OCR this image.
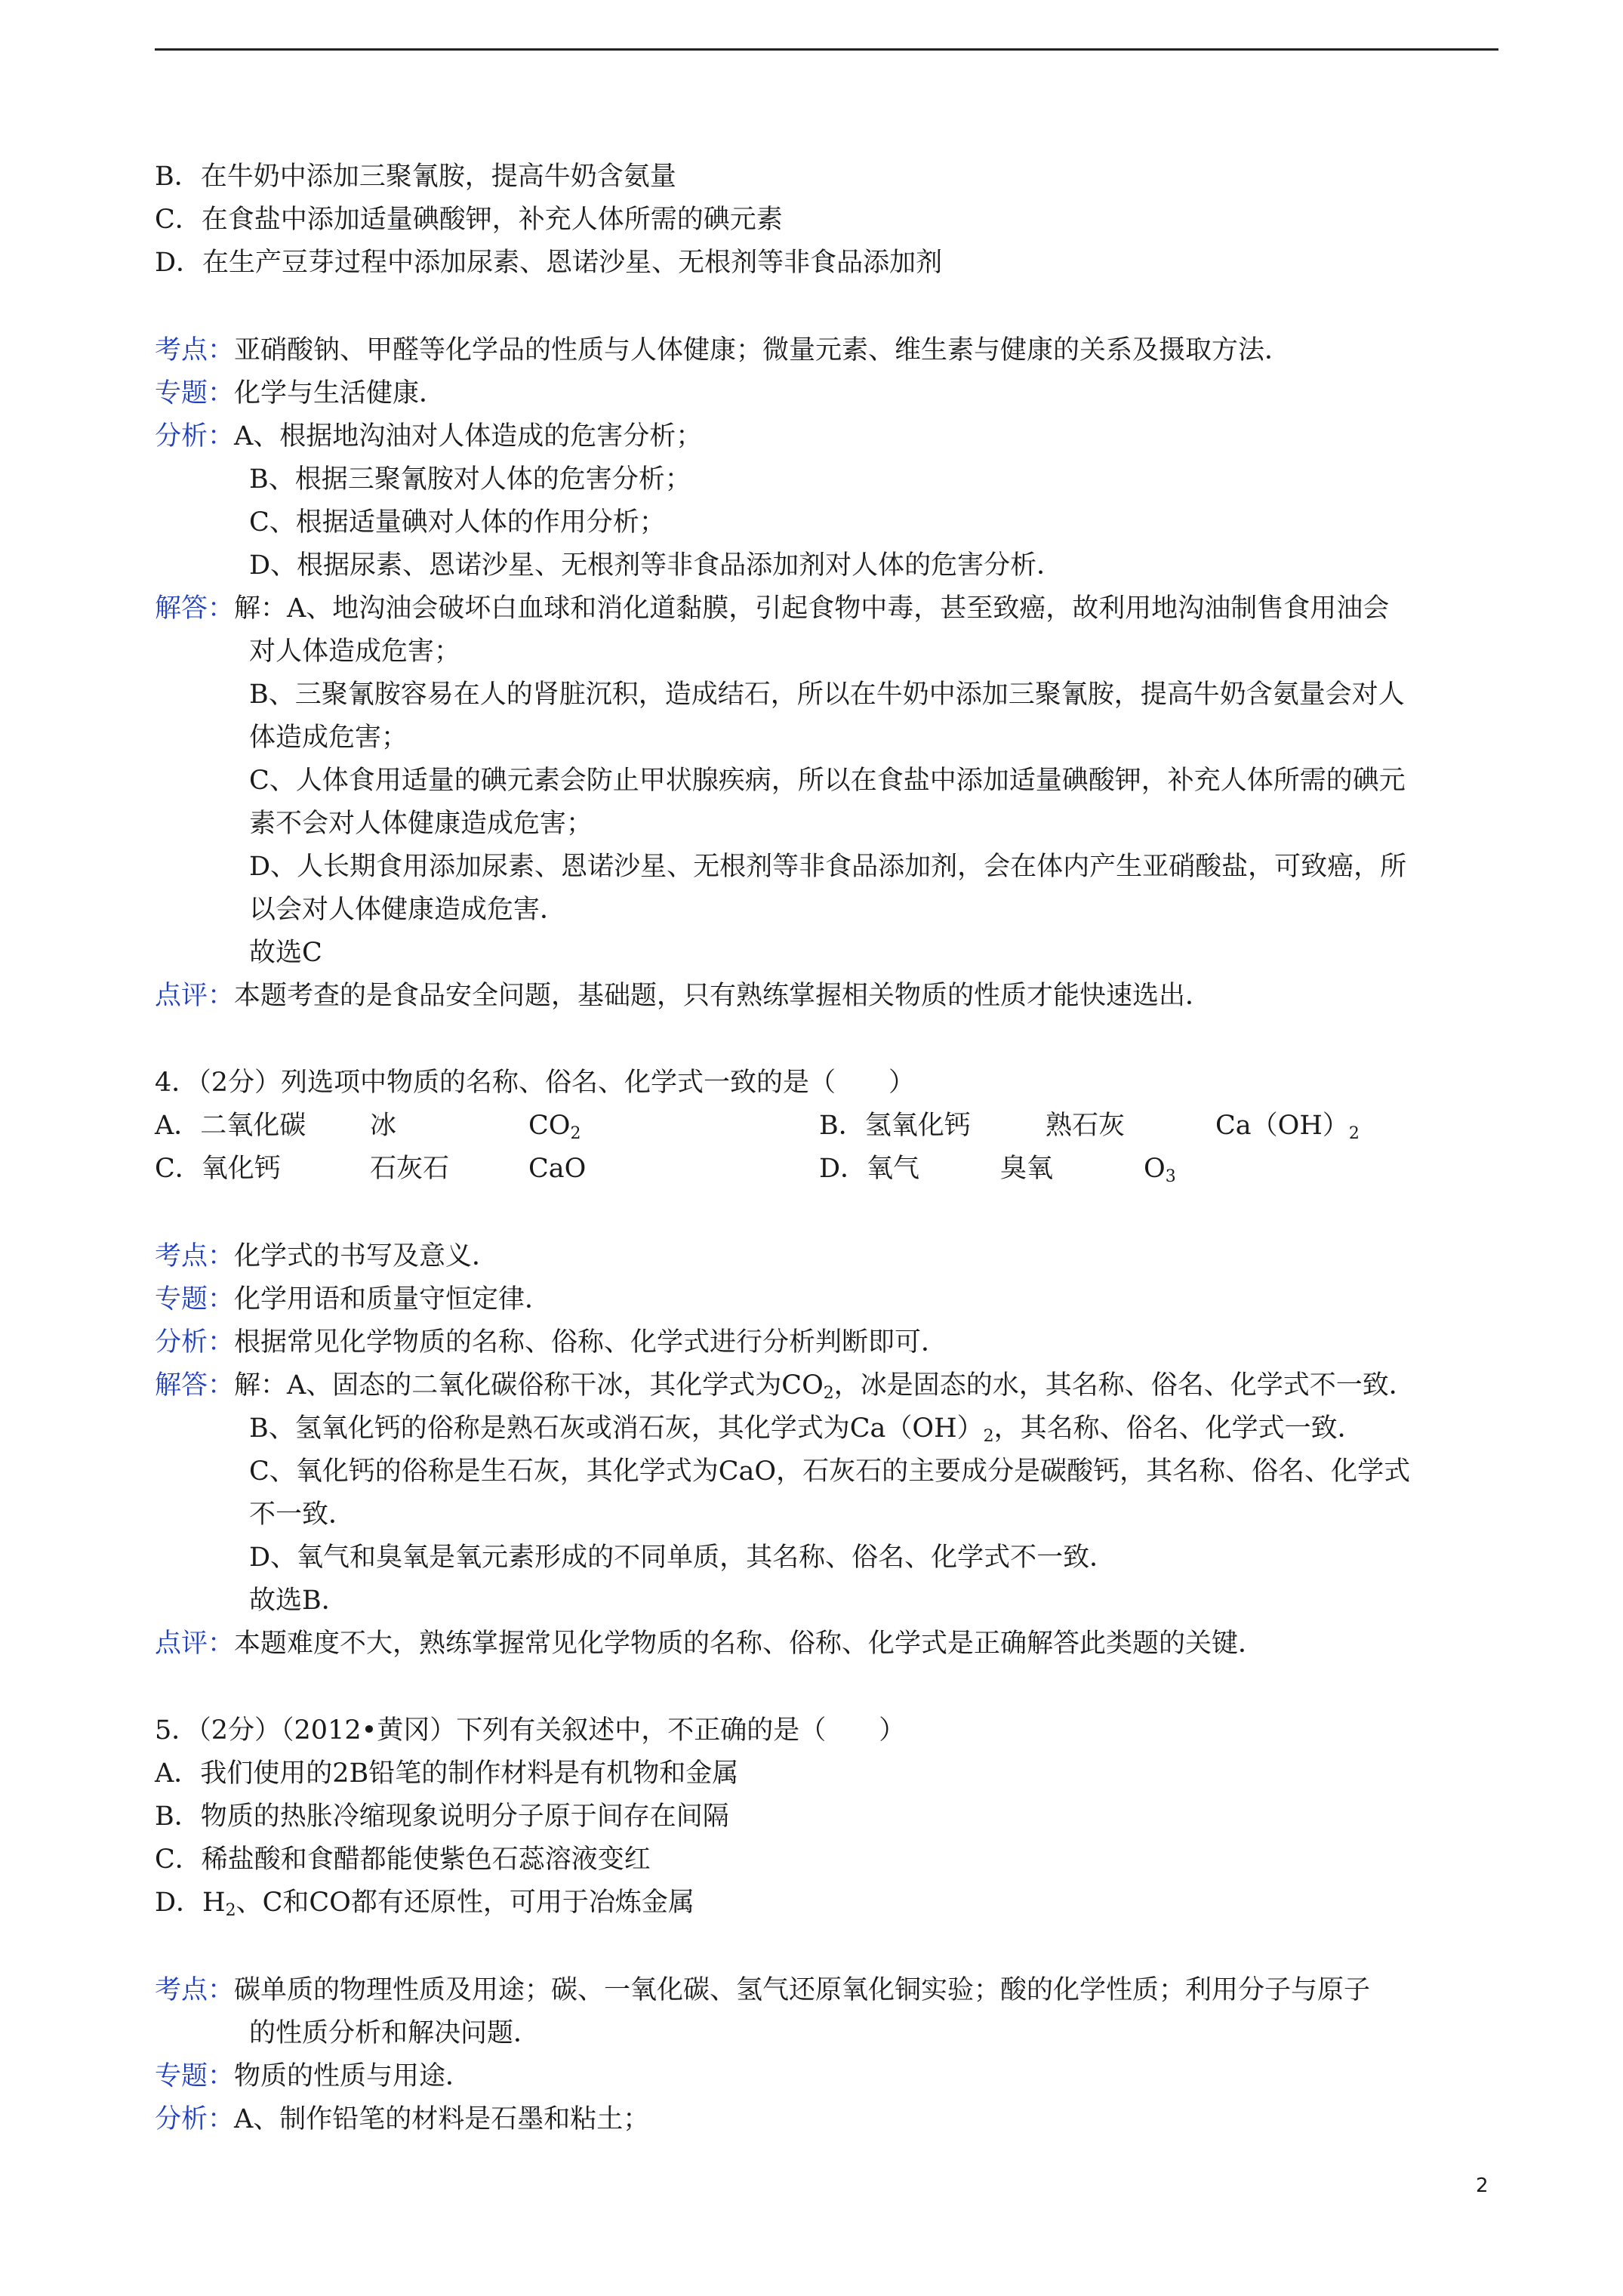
B．在牛奶中添加三聚氰胺，提高牛奶含氨量
C．在食盐中添加适量碘酸钾，补充人体所需的碘元素
D．在生产豆芽过程中添加尿素、恩诺沙星、无根剂等非食品添加剂
考点：亚硝酸钠、甲醛等化学品的性质与人体健康；微量元素、维生素与健康的关系及摄取方法．
专题：化学与生活健康．
分析：A、根据地沟油对人体造成的危害分析；
B、根据三聚氰胺对人体的危害分析；
C、根据适量碘对人体的作用分析；
D、根据尿素、恩诺沙星、无根剂等非食品添加剂对人体的危害分析．
解答：解：A、地沟油会破坏白血球和消化道黏膜，引起食物中毒，甚至致癌，故利用地沟油制售食用油会
对人体造成危害；
B、三聚氰胺容易在人的肾脏沉积，造成结石，所以在牛奶中添加三聚氰胺，提高牛奶含氨量会对人
体造成危害；
C、人体食用适量的碘元素会防止甲状腺疾病，所以在食盐中添加适量碘酸钾，补充人体所需的碘元
素不会对人体健康造成危害；
D、人长期食用添加尿素、恩诺沙星、无根剂等非食品添加剂，会在体内产生亚硝酸盐，可致癌，所
以会对人体健康造成危害．
故选C
点评：本题考查的是食品安全问题，基础题，只有熟练掌握相关物质的性质才能快速选出．
4．（2分）列选项中物质的名称、俗名、化学式一致的是（　　）
A．二氧化碳 冰	$CO_2$	B．氢氧化钙	熟石灰	$Ca(OH)_2$
C．氧化钙	石灰石	CaO	D．氧气	臭氧	$O_3$
考点：化学式的书写及意义．
专题：化学用语和质量守恒定律．
分析：根据常见化学物质的名称、俗称、化学式进行分析判断即可．
解答：解：A、固态的二氧化碳俗称干冰，其化学式为$CO_2$，冰是固态的水，其名称、俗名、化学式不一致．
B、氢氧化钙的俗称是熟石灰或消石灰，其化学式为$Ca(OH)_2$，其名称、俗名、化学式一致．
C、氧化钙的俗称是生石灰，其化学式为CaO，石灰石的主要成分是碳酸钙，其名称、俗名、化学式
不一致．
D、氧气和臭氧是氧元素形成的不同单质，其名称、俗名、化学式不一致．
故选B．
点评：本题难度不大，熟练掌握常见化学物质的名称、俗称、化学式是正确解答此类题的关键．
5．（2分）（2012•黄冈）下列有关叙述中，不正确的是（　　）
A．我们使用的2B铅笔的制作材料是有机物和金属
B．物质的热胀冷缩现象说明分子原于间存在间隔
C．稀盐酸和食醋都能使紫色石蕊溶液变红
D．$H_2$、C和CO都有还原性，可用于冶炼金属
考点：碳单质的物理性质及用途；碳、一氧化碳、氢气还原氧化铜实验；酸的化学性质；利用分子与原子
的性质分析和解决问题．
专题：物质的性质与用途．
分析：A、制作铅笔的材料是石墨和粘土；
2
